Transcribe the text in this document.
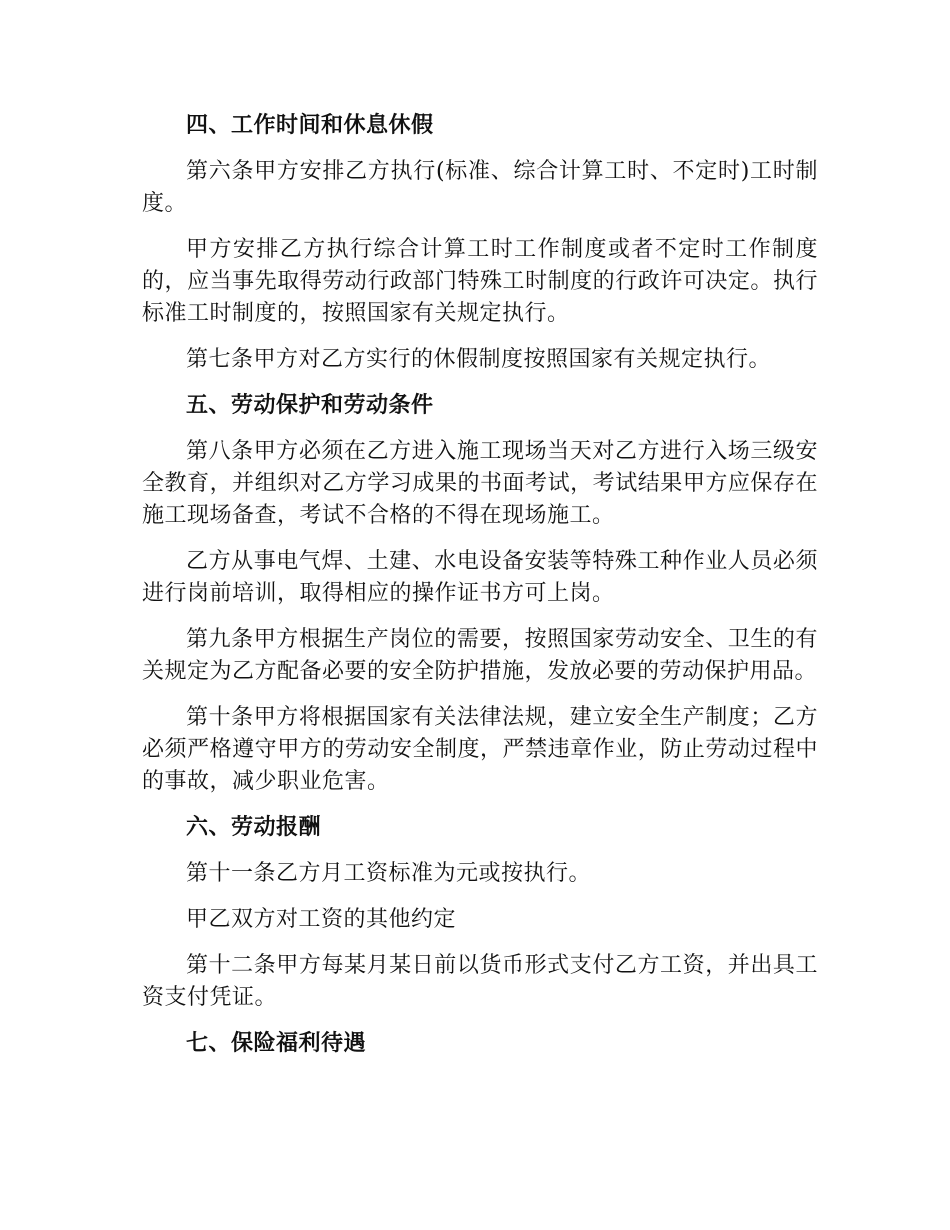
四、工作时间和休息休假
第六条甲方安排乙方执行(标准、综合计算工时、不定时)工时制度。
甲方安排乙方执行综合计算工时工作制度或者不定时工作制度的，应当事先取得劳动行政部门特殊工时制度的行政许可决定。执行标准工时制度的，按照国家有关规定执行。
第七条甲方对乙方实行的休假制度按照国家有关规定执行。
五、劳动保护和劳动条件
第八条甲方必须在乙方进入施工现场当天对乙方进行入场三级安全教育，并组织对乙方学习成果的书面考试，考试结果甲方应保存在施工现场备查，考试不合格的不得在现场施工。
乙方从事电气焊、土建、水电设备安装等特殊工种作业人员必须进行岗前培训，取得相应的操作证书方可上岗。
第九条甲方根据生产岗位的需要，按照国家劳动安全、卫生的有关规定为乙方配备必要的安全防护措施，发放必要的劳动保护用品。
第十条甲方将根据国家有关法律法规，建立安全生产制度；乙方必须严格遵守甲方的劳动安全制度，严禁违章作业，防止劳动过程中的事故，减少职业危害。
六、劳动报酬
第十一条乙方月工资标准为元或按执行。
甲乙双方对工资的其他约定
第十二条甲方每某月某日前以货币形式支付乙方工资，并出具工资支付凭证。
七、保险福利待遇
